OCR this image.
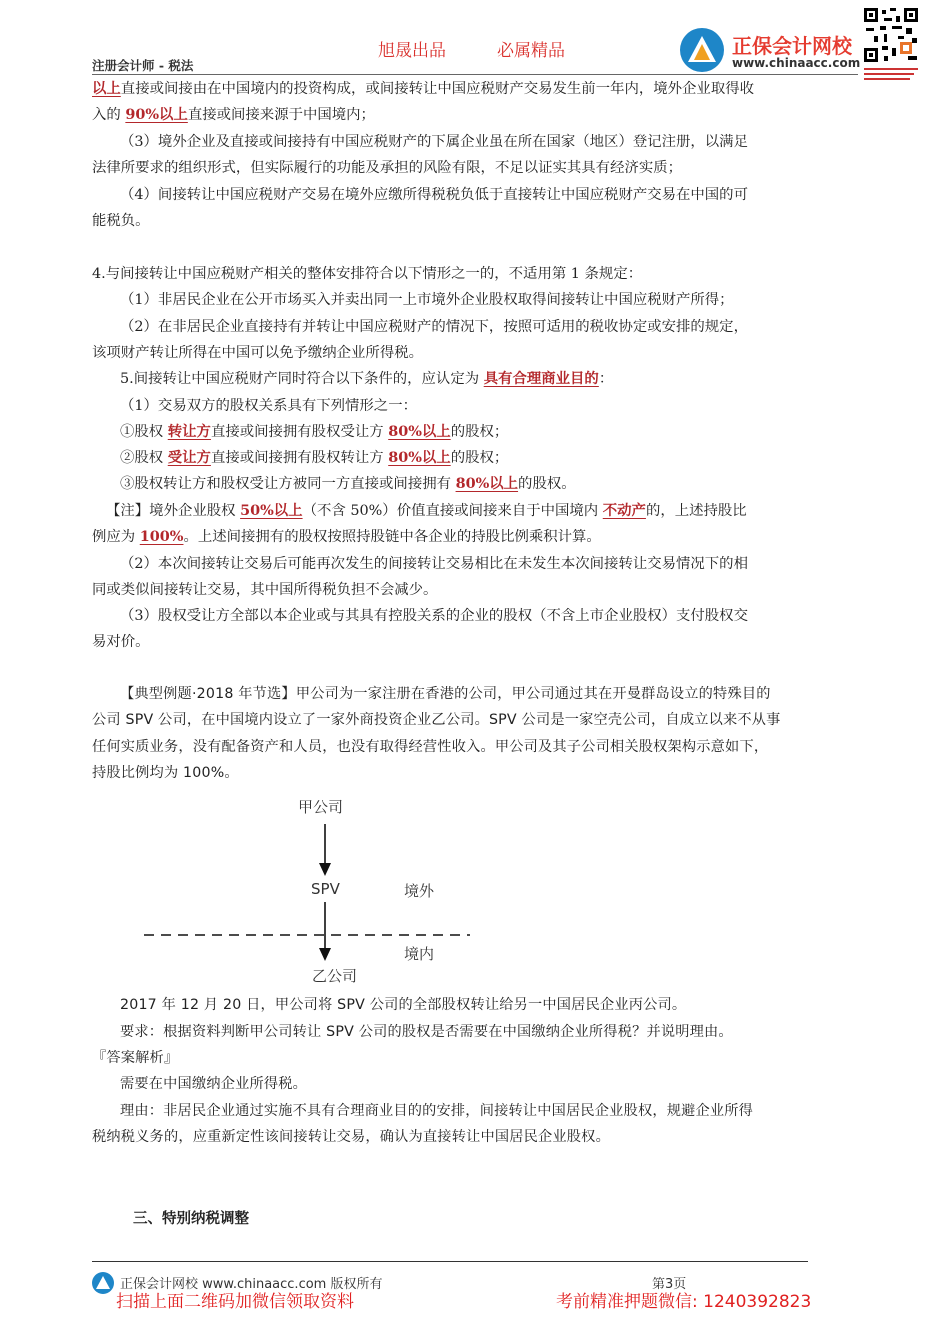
旭晟出品	必属精品
注册会计师 - 税法
正保会计网校
www.chinaacc.com
以上直接或间接由在中国境内的投资构成，或间接转让中国应税财产交易发生前一年内，境外企业取得收
入的 90%以上直接或间接来源于中国境内；
（3）境外企业及直接或间接持有中国应税财产的下属企业虽在所在国家（地区）登记注册，以满足
法律所要求的组织形式，但实际履行的功能及承担的风险有限，不足以证实其具有经济实质；
（4）间接转让中国应税财产交易在境外应缴所得税税负低于直接转让中国应税财产交易在中国的可
能税负。
4.与间接转让中国应税财产相关的整体安排符合以下情形之一的，不适用第 1 条规定：
（1）非居民企业在公开市场买入并卖出同一上市境外企业股权取得间接转让中国应税财产所得；
（2）在非居民企业直接持有并转让中国应税财产的情况下，按照可适用的税收协定或安排的规定，
该项财产转让所得在中国可以免予缴纳企业所得税。
5.间接转让中国应税财产同时符合以下条件的，应认定为 具有合理商业目的：
（1）交易双方的股权关系具有下列情形之一：
①股权 转让方直接或间接拥有股权受让方 80%以上的股权；
②股权 受让方直接或间接拥有股权转让方 80%以上的股权；
③股权转让方和股权受让方被同一方直接或间接拥有 80%以上的股权。
【注】境外企业股权 50%以上（不含 50%）价值直接或间接来自于中国境内 不动产的，上述持股比
例应为 100%。上述间接拥有的股权按照持股链中各企业的持股比例乘积计算。
（2）本次间接转让交易后可能再次发生的间接转让交易相比在未发生本次间接转让交易情况下的相
同或类似间接转让交易，其中国所得税负担不会减少。
（3）股权受让方全部以本企业或与其具有控股关系的企业的股权（不含上市企业股权）支付股权交
易对价。
【典型例题·2018 年节选】甲公司为一家注册在香港的公司，甲公司通过其在开曼群岛设立的特殊目的
公司 SPV 公司，在中国境内设立了一家外商投资企业乙公司。SPV 公司是一家空壳公司，自成立以来不从事
任何实质业务，没有配备资产和人员，也没有取得经营性收入。甲公司及其子公司相关股权架构示意如下，
持股比例均为 100%。
甲公司
SPV
乙公司
境外
境内
2017 年 12 月 20 日，甲公司将 SPV 公司的全部股权转让给另一中国居民企业丙公司。
要求：根据资料判断甲公司转让 SPV 公司的股权是否需要在中国缴纳企业所得税？并说明理由。
『答案解析』
需要在中国缴纳企业所得税。
理由：非居民企业通过实施不具有合理商业目的的安排，间接转让中国居民企业股权，规避企业所得
税纳税义务的，应重新定性该间接转让交易，确认为直接转让中国居民企业股权。
三、特别纳税调整
正保会计网校 www.chinaacc.com 版权所有	第3页
扫描上面二维码加微信领取资料	考前精准押题微信: 1240392823
